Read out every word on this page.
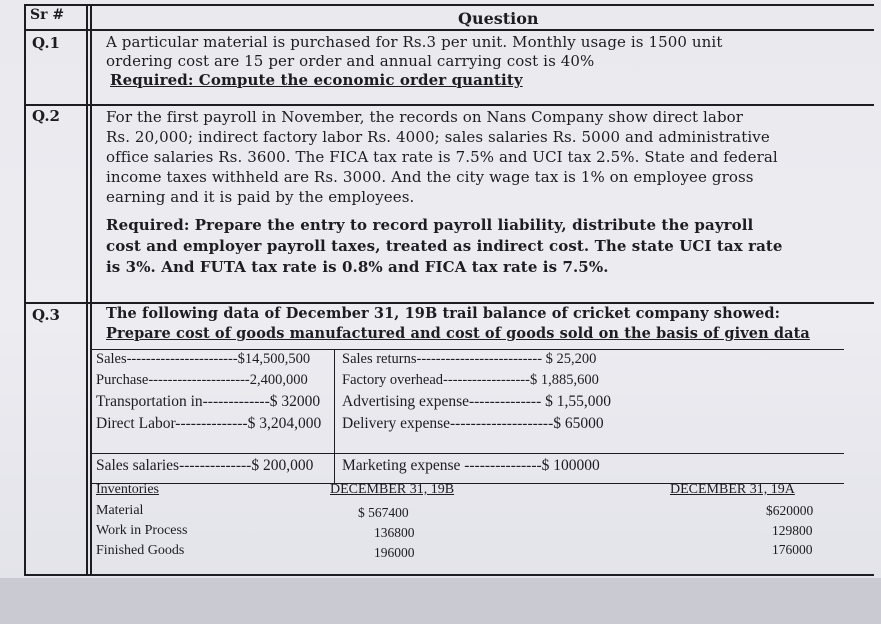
Sr #	Question
Q.1	A particular material is purchased for Rs.3 per unit. Monthly usage is 1500 unit
ordering cost are 15 per order and annual carrying cost is 40%
Required: Compute the economic order quantity
Q.2	For the first payroll in November, the records on Nans Company show direct labor
Rs. 20,000; indirect factory labor Rs. 4000; sales salaries Rs. 5000 and administrative
office salaries Rs. 3600. The FICA tax rate is 7.5% and UCI tax 2.5%. State and federal
income taxes withheld are Rs. 3000. And the city wage tax is 1% on employee gross
earning and it is paid by the employees.
Required: Prepare the entry to record payroll liability, distribute the payroll
cost and employer payroll taxes, treated as indirect cost. The state UCI tax rate
is 3%. And FUTA tax rate is 0.8% and FICA tax rate is 7.5%.
Q.3	The following data of December 31, 19B trail balance of cricket company showed:
Prepare cost of goods manufactured and cost of goods sold on the basis of given data
Sales-----------------------$14,500,500 Sales returns-------------------------- $ 25,200
Purchase---------------------2,400,000 Factory overhead------------------$ 1,885,600
Transportation in-------------$ 32000 Advertising expense-------------- $ 1,55,000
Direct Labor--------------$ 3,204,000 Delivery expense--------------------$ 65000
Sales salaries--------------$ 200,000 Marketing expense ---------------$ 100000
Inventories	DECEMBER 31, 19B	DECEMBER 31, 19A
Material	$ 567400	$620000
Work in Process	136800	129800
Finished Goods	196000	176000
